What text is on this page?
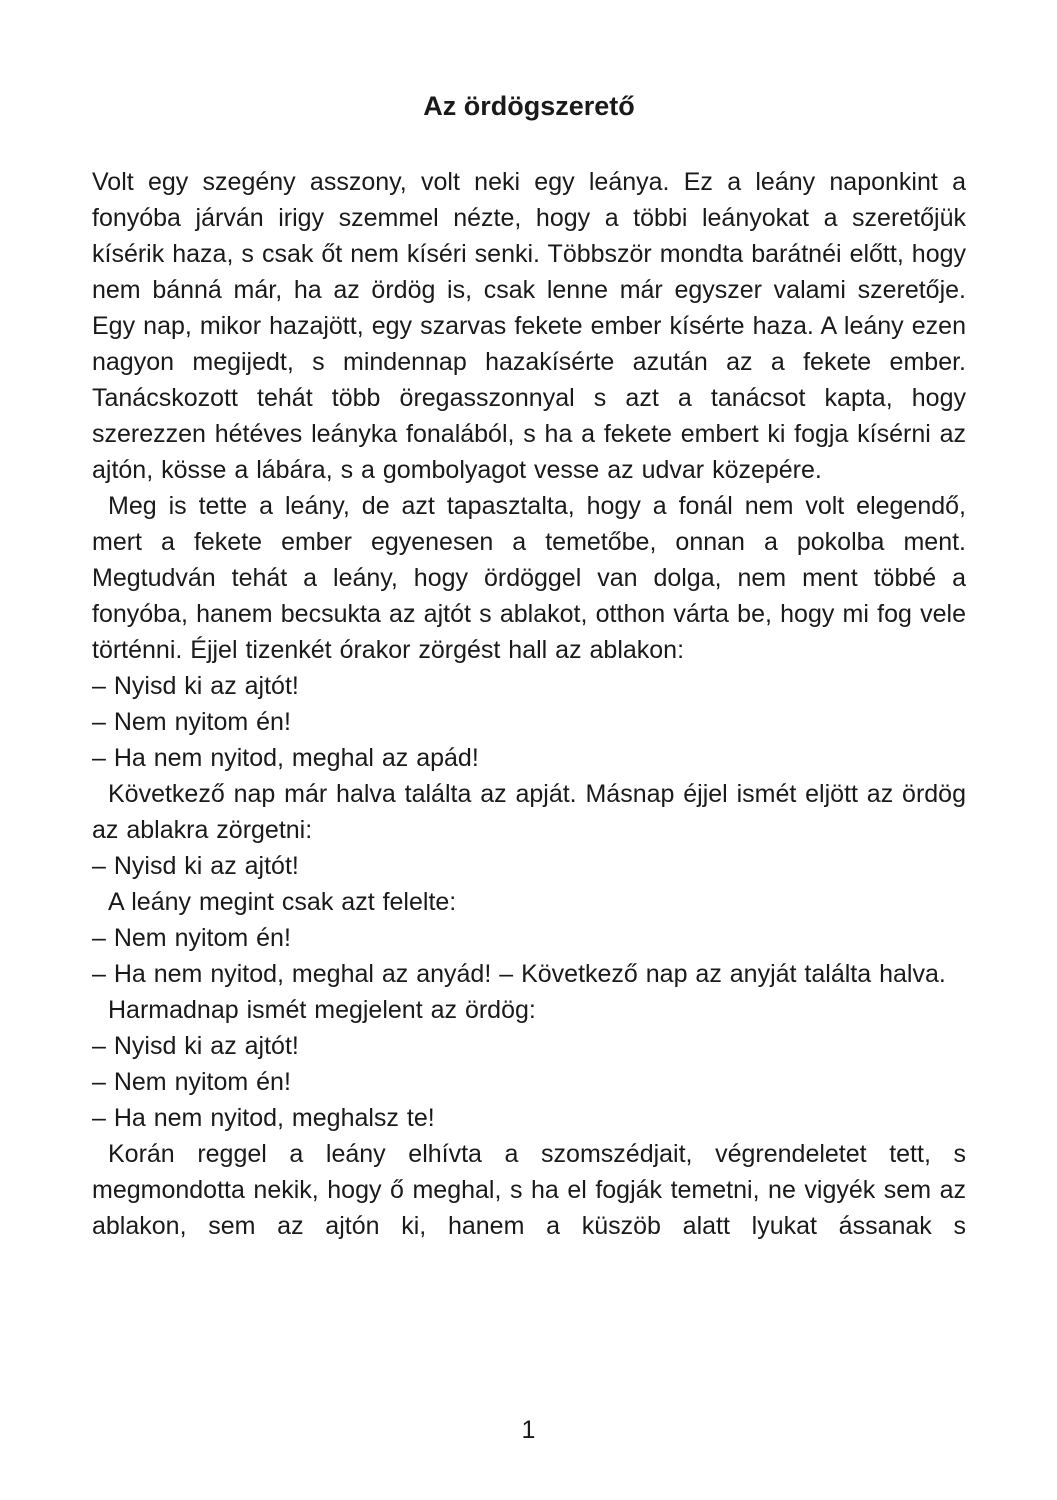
Az ördögszerető

Volt egy szegény asszony, volt neki egy leánya. Ez a leány naponkint a fonyóba járván irigy szemmel nézte, hogy a többi leányokat a szeretőjük kísérik haza, s csak őt nem kíséri senki. Többször mondta barátnéi előtt, hogy nem bánná már, ha az ördög is, csak lenne már egyszer valami szeretője. Egy nap, mikor hazajött, egy szarvas fekete ember kísérte haza. A leány ezen nagyon megijedt, s mindennap hazakísérte azután az a fekete ember. Tanácskozott tehát több öregasszonnyal s azt a tanácsot kapta, hogy szerezzen hétéves leányka fonalából, s ha a fekete embert ki fogja kísérni az ajtón, kösse a lábára, s a gombolyagot vesse az udvar közepére.

Meg is tette a leány, de azt tapasztalta, hogy a fonál nem volt elegendő, mert a fekete ember egyenesen a temetőbe, onnan a pokolba ment. Megtudván tehát a leány, hogy ördöggel van dolga, nem ment többé a fonyóba, hanem becsukta az ajtót s ablakot, otthon várta be, hogy mi fog vele történni. Éjjel tizenkét órakor zörgést hall az ablakon:

– Nyisd ki az ajtót!

– Nem nyitom én!

– Ha nem nyitod, meghal az apád!

Következő nap már halva találta az apját. Másnap éjjel ismét eljött az ördög az ablakra zörgetni:

– Nyisd ki az ajtót!

A leány megint csak azt felelte:

– Nem nyitom én!

– Ha nem nyitod, meghal az anyád! – Következő nap az anyját találta halva.

Harmadnap ismét megjelent az ördög:

– Nyisd ki az ajtót!

– Nem nyitom én!

– Ha nem nyitod, meghalsz te!

Korán reggel a leány elhívta a szomszédjait, végrendeletet tett, s megmondotta nekik, hogy ő meghal, s ha el fogják temetni, ne vigyék sem az ablakon, sem az ajtón ki, hanem a küszöb alatt lyukat ássanak s

1
